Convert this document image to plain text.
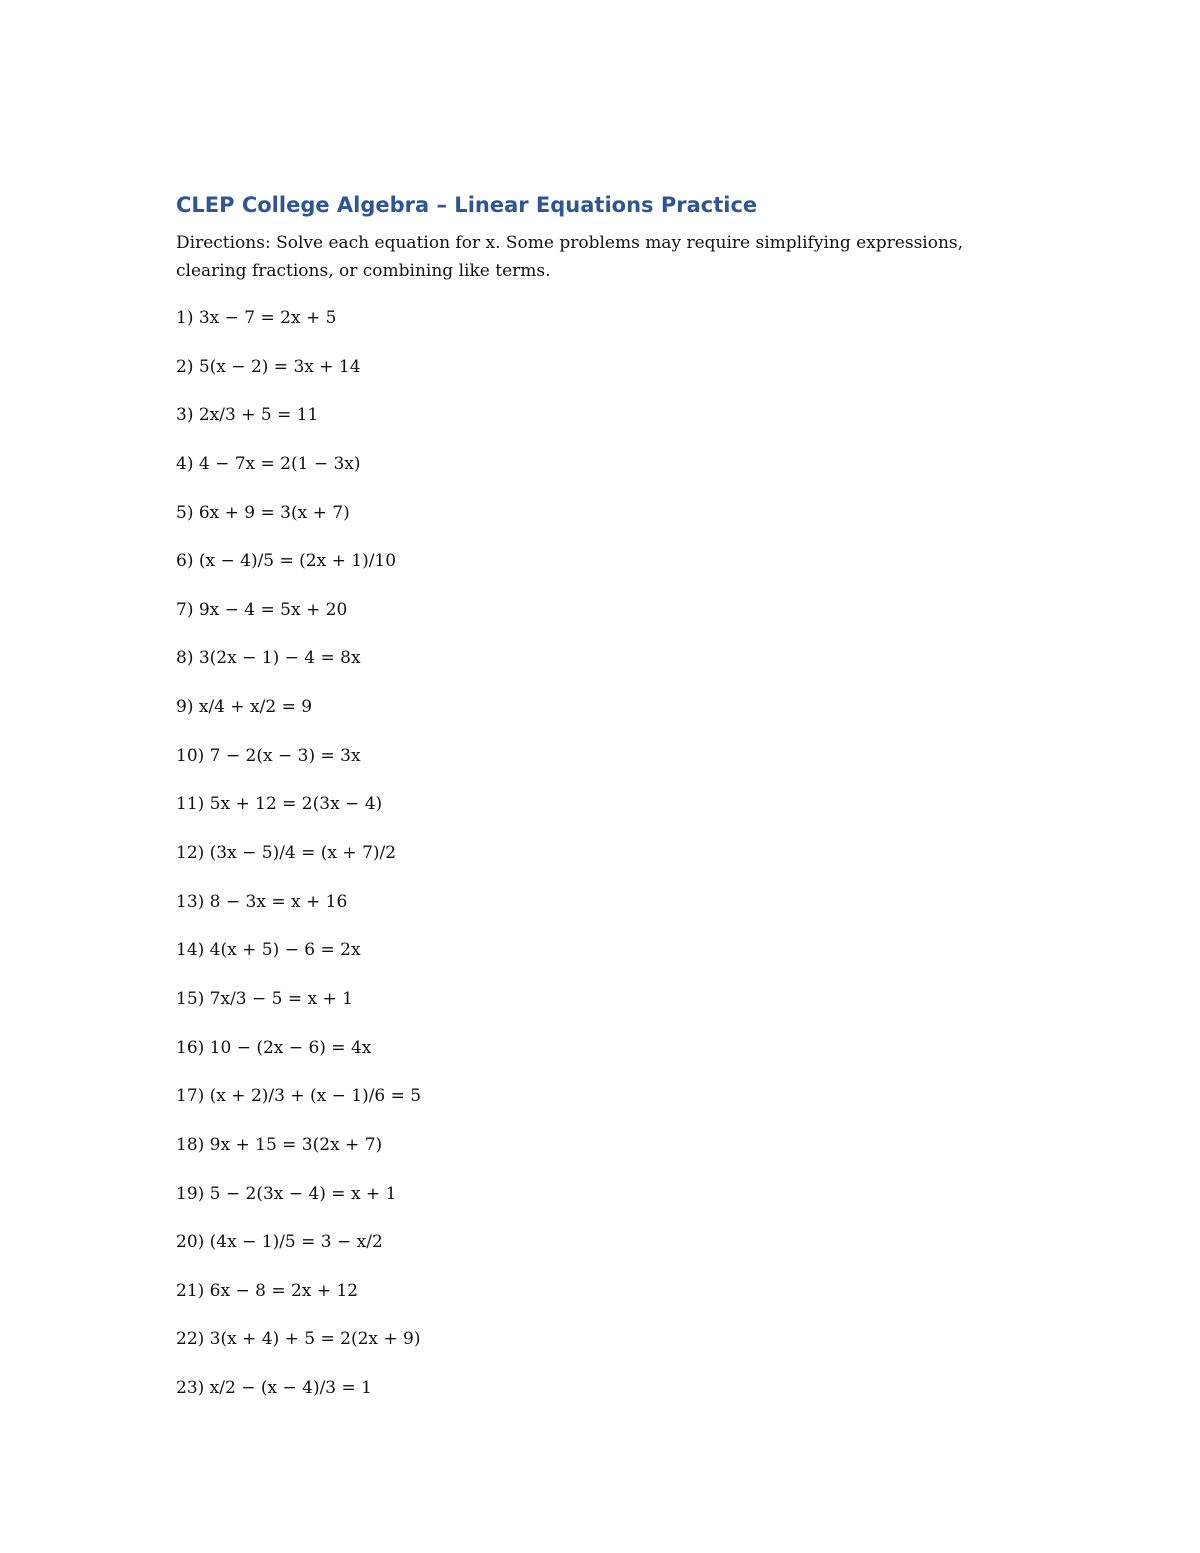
CLEP College Algebra – Linear Equations Practice

Directions: Solve each equation for x. Some problems may require simplifying expressions, clearing fractions, or combining like terms.

1) 3x − 7 = 2x + 5
2) 5(x − 2) = 3x + 14
3) 2x/3 + 5 = 11
4) 4 − 7x = 2(1 − 3x)
5) 6x + 9 = 3(x + 7)
6) (x − 4)/5 = (2x + 1)/10
7) 9x − 4 = 5x + 20
8) 3(2x − 1) − 4 = 8x
9) x/4 + x/2 = 9
10) 7 − 2(x − 3) = 3x
11) 5x + 12 = 2(3x − 4)
12) (3x − 5)/4 = (x + 7)/2
13) 8 − 3x = x + 16
14) 4(x + 5) − 6 = 2x
15) 7x/3 − 5 = x + 1
16) 10 − (2x − 6) = 4x
17) (x + 2)/3 + (x − 1)/6 = 5
18) 9x + 15 = 3(2x + 7)
19) 5 − 2(3x − 4) = x + 1
20) (4x − 1)/5 = 3 − x/2
21) 6x − 8 = 2x + 12
22) 3(x + 4) + 5 = 2(2x + 9)
23) x/2 − (x − 4)/3 = 1
